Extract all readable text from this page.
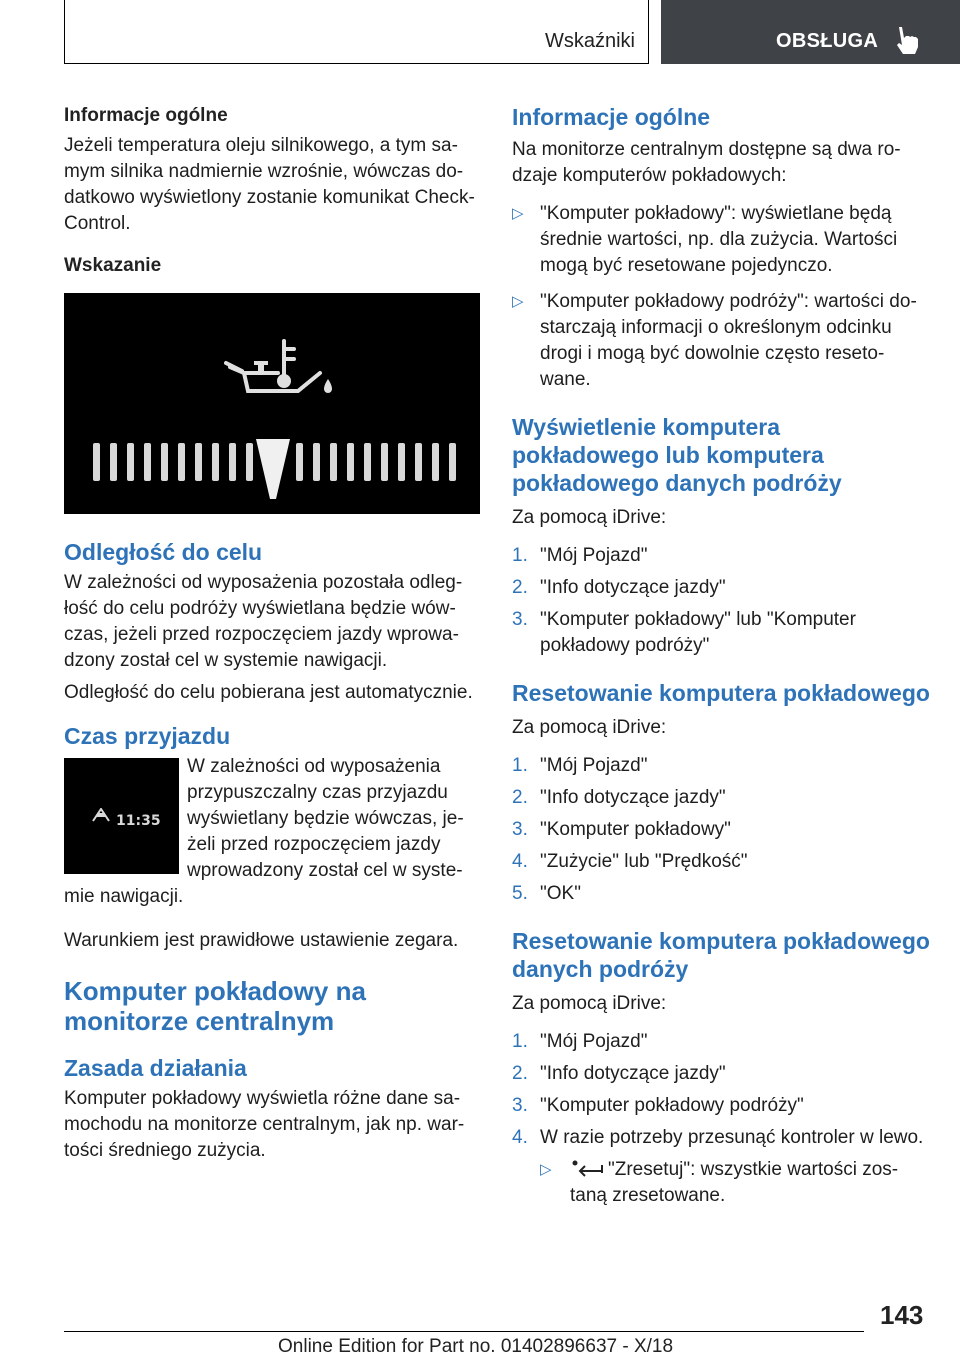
Wskaźniki	OBSŁUGA

Informacje ogólne

Jeżeli temperatura oleju silnikowego, a tym sa-mym silnika nadmiernie wzrośnie, wówczas do-datkowo wyświetlony zostanie komunikat Check-Control.

Wskazanie

Odległość do celu

W zależności od wyposażenia pozostała odleg-łość do celu podróży wyświetlana będzie wów-czas, jeżeli przed rozpoczęciem jazdy wprowa-dzony został cel w systemie nawigacji.

Odległość do celu pobierana jest automatycznie.

Czas przyjazdu

11:35

W zależności od wyposażenia przypuszczalny czas przyjazdu wyświetlany będzie wówczas, je-żeli przed rozpoczęciem jazdy wprowadzony został cel w syste-mie nawigacji.

Warunkiem jest prawidłowe ustawienie zegara.

Komputer pokładowy na monitorze centralnym

Zasada działania

Komputer pokładowy wyświetla różne dane sa-mochodu na monitorze centralnym, jak np. war-tości średniego zużycia.

Informacje ogólne

Na monitorze centralnym dostępne są dwa ro-dzaje komputerów pokładowych:

▷ "Komputer pokładowy": wyświetlane będą średnie wartości, np. dla zużycia. Wartości mogą być resetowane pojedynczo.
▷ "Komputer pokładowy podróży": wartości do-starczają informacji o określonym odcinku drogi i mogą być dowolnie często reseto-wane.

Wyświetlenie komputera pokładowego lub komputera pokładowego danych podróży

Za pomocą iDrive:

1. "Mój Pojazd"
2. "Info dotyczące jazdy"
3. "Komputer pokładowy" lub "Komputer pokładowy podróży"

Resetowanie komputera pokładowego

Za pomocą iDrive:

1. "Mój Pojazd"
2. "Info dotyczące jazdy"
3. "Komputer pokładowy"
4. "Zużycie" lub "Prędkość"
5. "OK"

Resetowanie komputera pokładowego danych podróży

Za pomocą iDrive:

1. "Mój Pojazd"
2. "Info dotyczące jazdy"
3. "Komputer pokładowy podróży"
4. W razie potrzeby przesunąć kontroler w lewo.
▷	"Zresetuj": wszystkie wartości zos-taną zresetowane.
143
Online Edition for Part no. 01402896637 - X/18
